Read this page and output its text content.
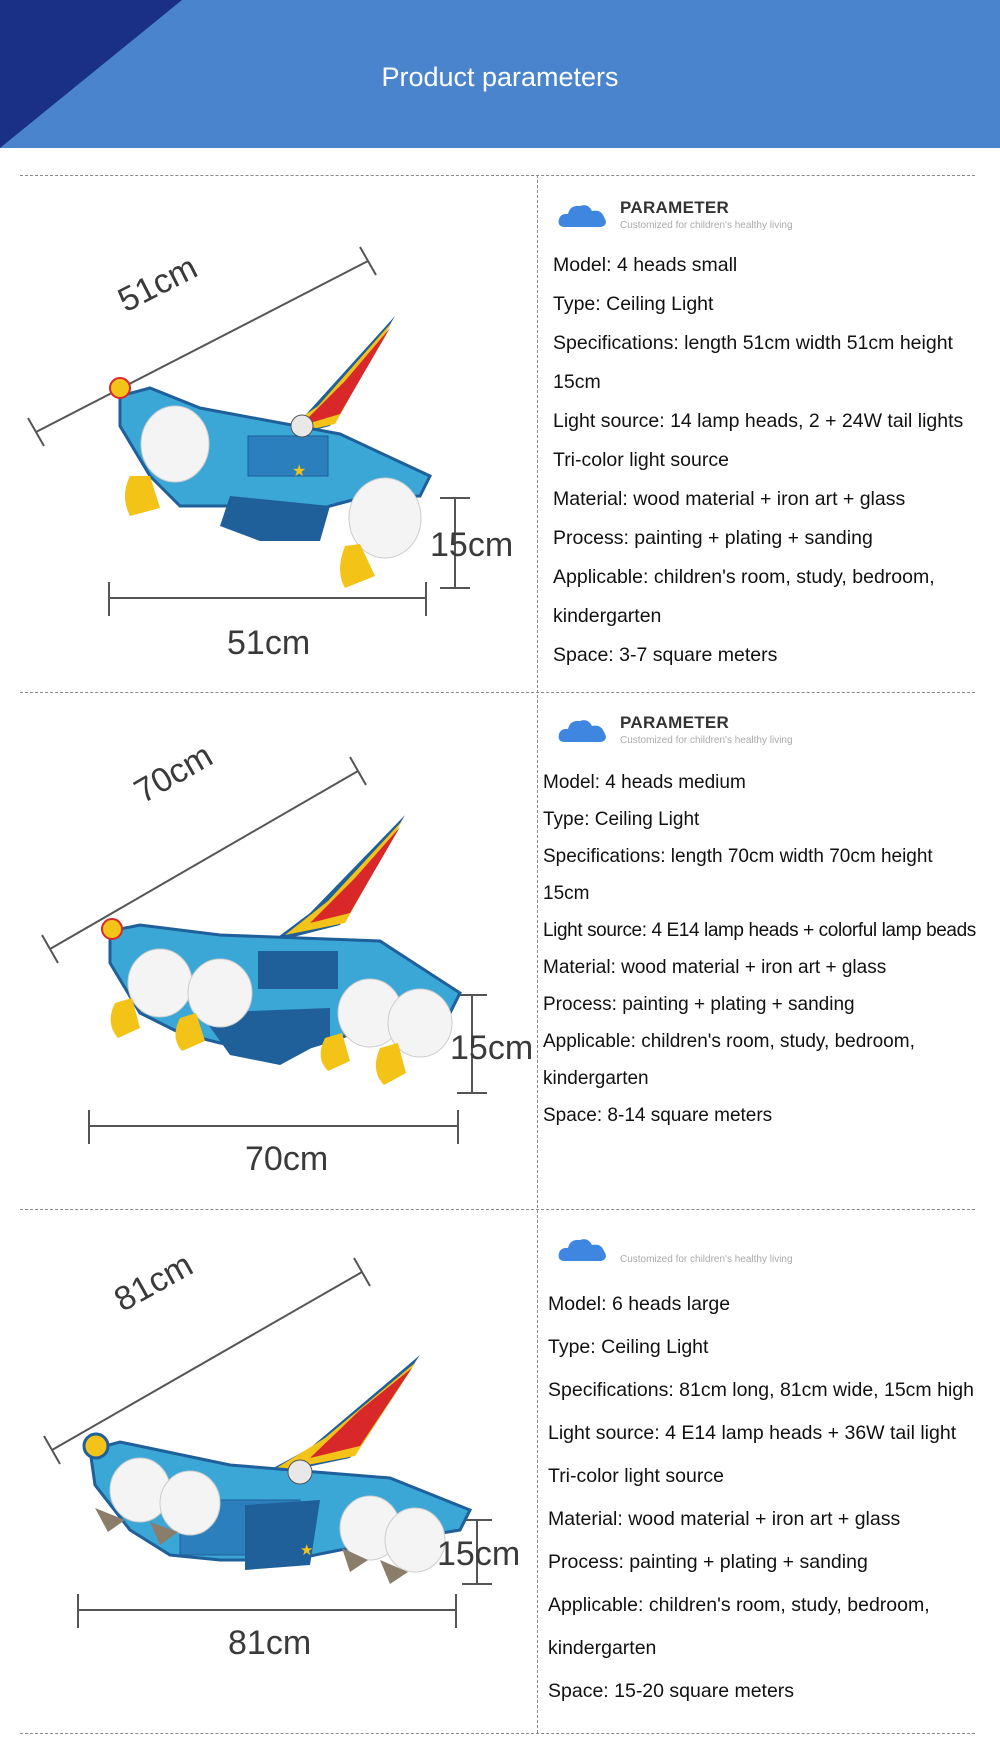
Product parameters
★
51cm
15cm
51cm
PARAMETER
Customized for children's healthy living
Model: 4 heads small
Type: Ceiling Light
Specifications: length 51cm width 51cm height
15cm
Light source: 14 lamp heads, 2 + 24W tail lights
Tri-color light source
Material: wood material + iron art + glass
Process: painting + plating + sanding
Applicable: children's room, study, bedroom,
kindergarten
Space: 3-7 square meters
70cm
15cm
70cm
PARAMETER
Customized for children's healthy living
Model: 4 heads medium
Type: Ceiling Light
Specifications: length 70cm width 70cm height
15cm
Light source: 4 E14 lamp heads + colorful lamp beads
Material: wood material + iron art + glass
Process: painting + plating + sanding
Applicable: children's room, study, bedroom,
kindergarten
Space: 8-14 square meters
★
81cm
15cm
81cm
Customized for children's healthy living
Model: 6 heads large
Type: Ceiling Light
Specifications: 81cm long, 81cm wide, 15cm high
Light source: 4 E14 lamp heads + 36W tail light
Tri-color light source
Material: wood material + iron art + glass
Process: painting + plating + sanding
Applicable: children's room, study, bedroom,
kindergarten
Space: 15-20 square meters
